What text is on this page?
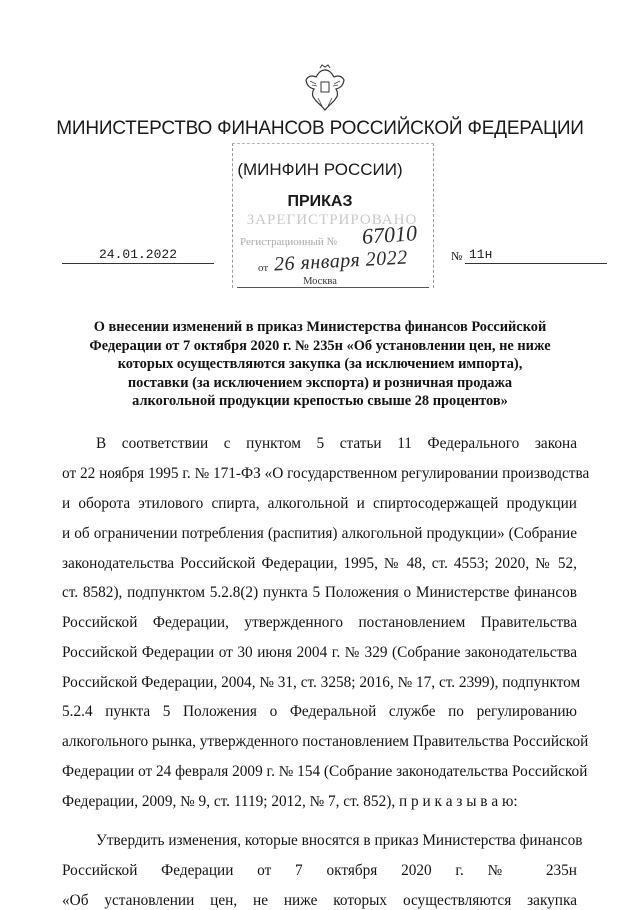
МИНИСТЕРСТВО ФИНАНСОВ РОССИЙСКОЙ ФЕДЕРАЦИИ
(МИНФИН РОССИИ)
ПРИКАЗ
ЗАРЕГИСТРИРОВАНО
Регистрационный № 67010
от 26 января 2022
Москва
24.01.2022	№ 11н
О внесении изменений в приказ Министерства финансов Российской
Федерации от 7 октября 2020 г. № 235н «Об установлении цен, не ниже
которых осуществляются закупка (за исключением импорта),
поставки (за исключением экспорта) и розничная продажа
алкогольной продукции крепостью свыше 28 процентов»
В соответствии с пунктом 5 статьи 11 Федерального закона
от 22 ноября 1995 г. № 171-ФЗ «О государственном регулировании производства
и оборота этилового спирта, алкогольной и спиртосодержащей продукции
и об ограничении потребления (распития) алкогольной продукции» (Собрание
законодательства Российской Федерации, 1995, № 48, ст. 4553; 2020, № 52,
ст. 8582), подпунктом 5.2.8(2) пункта 5 Положения о Министерстве финансов
Российской Федерации, утвержденного постановлением Правительства
Российской Федерации от 30 июня 2004 г. № 329 (Собрание законодательства
Российской Федерации, 2004, № 31, ст. 3258; 2016, № 17, ст. 2399), подпунктом
5.2.4 пункта 5 Положения о Федеральной службе по регулированию
алкогольного рынка, утвержденного постановлением Правительства Российской
Федерации от 24 февраля 2009 г. № 154 (Собрание законодательства Российской
Федерации, 2009, № 9, ст. 1119; 2012, № 7, ст. 852), п р и к а з ы в а ю:
Утвердить изменения, которые вносятся в приказ Министерства финансов
Российской Федерации от 7 октября 2020 г. № 235н
«Об установлении цен, не ниже которых осуществляются закупка
